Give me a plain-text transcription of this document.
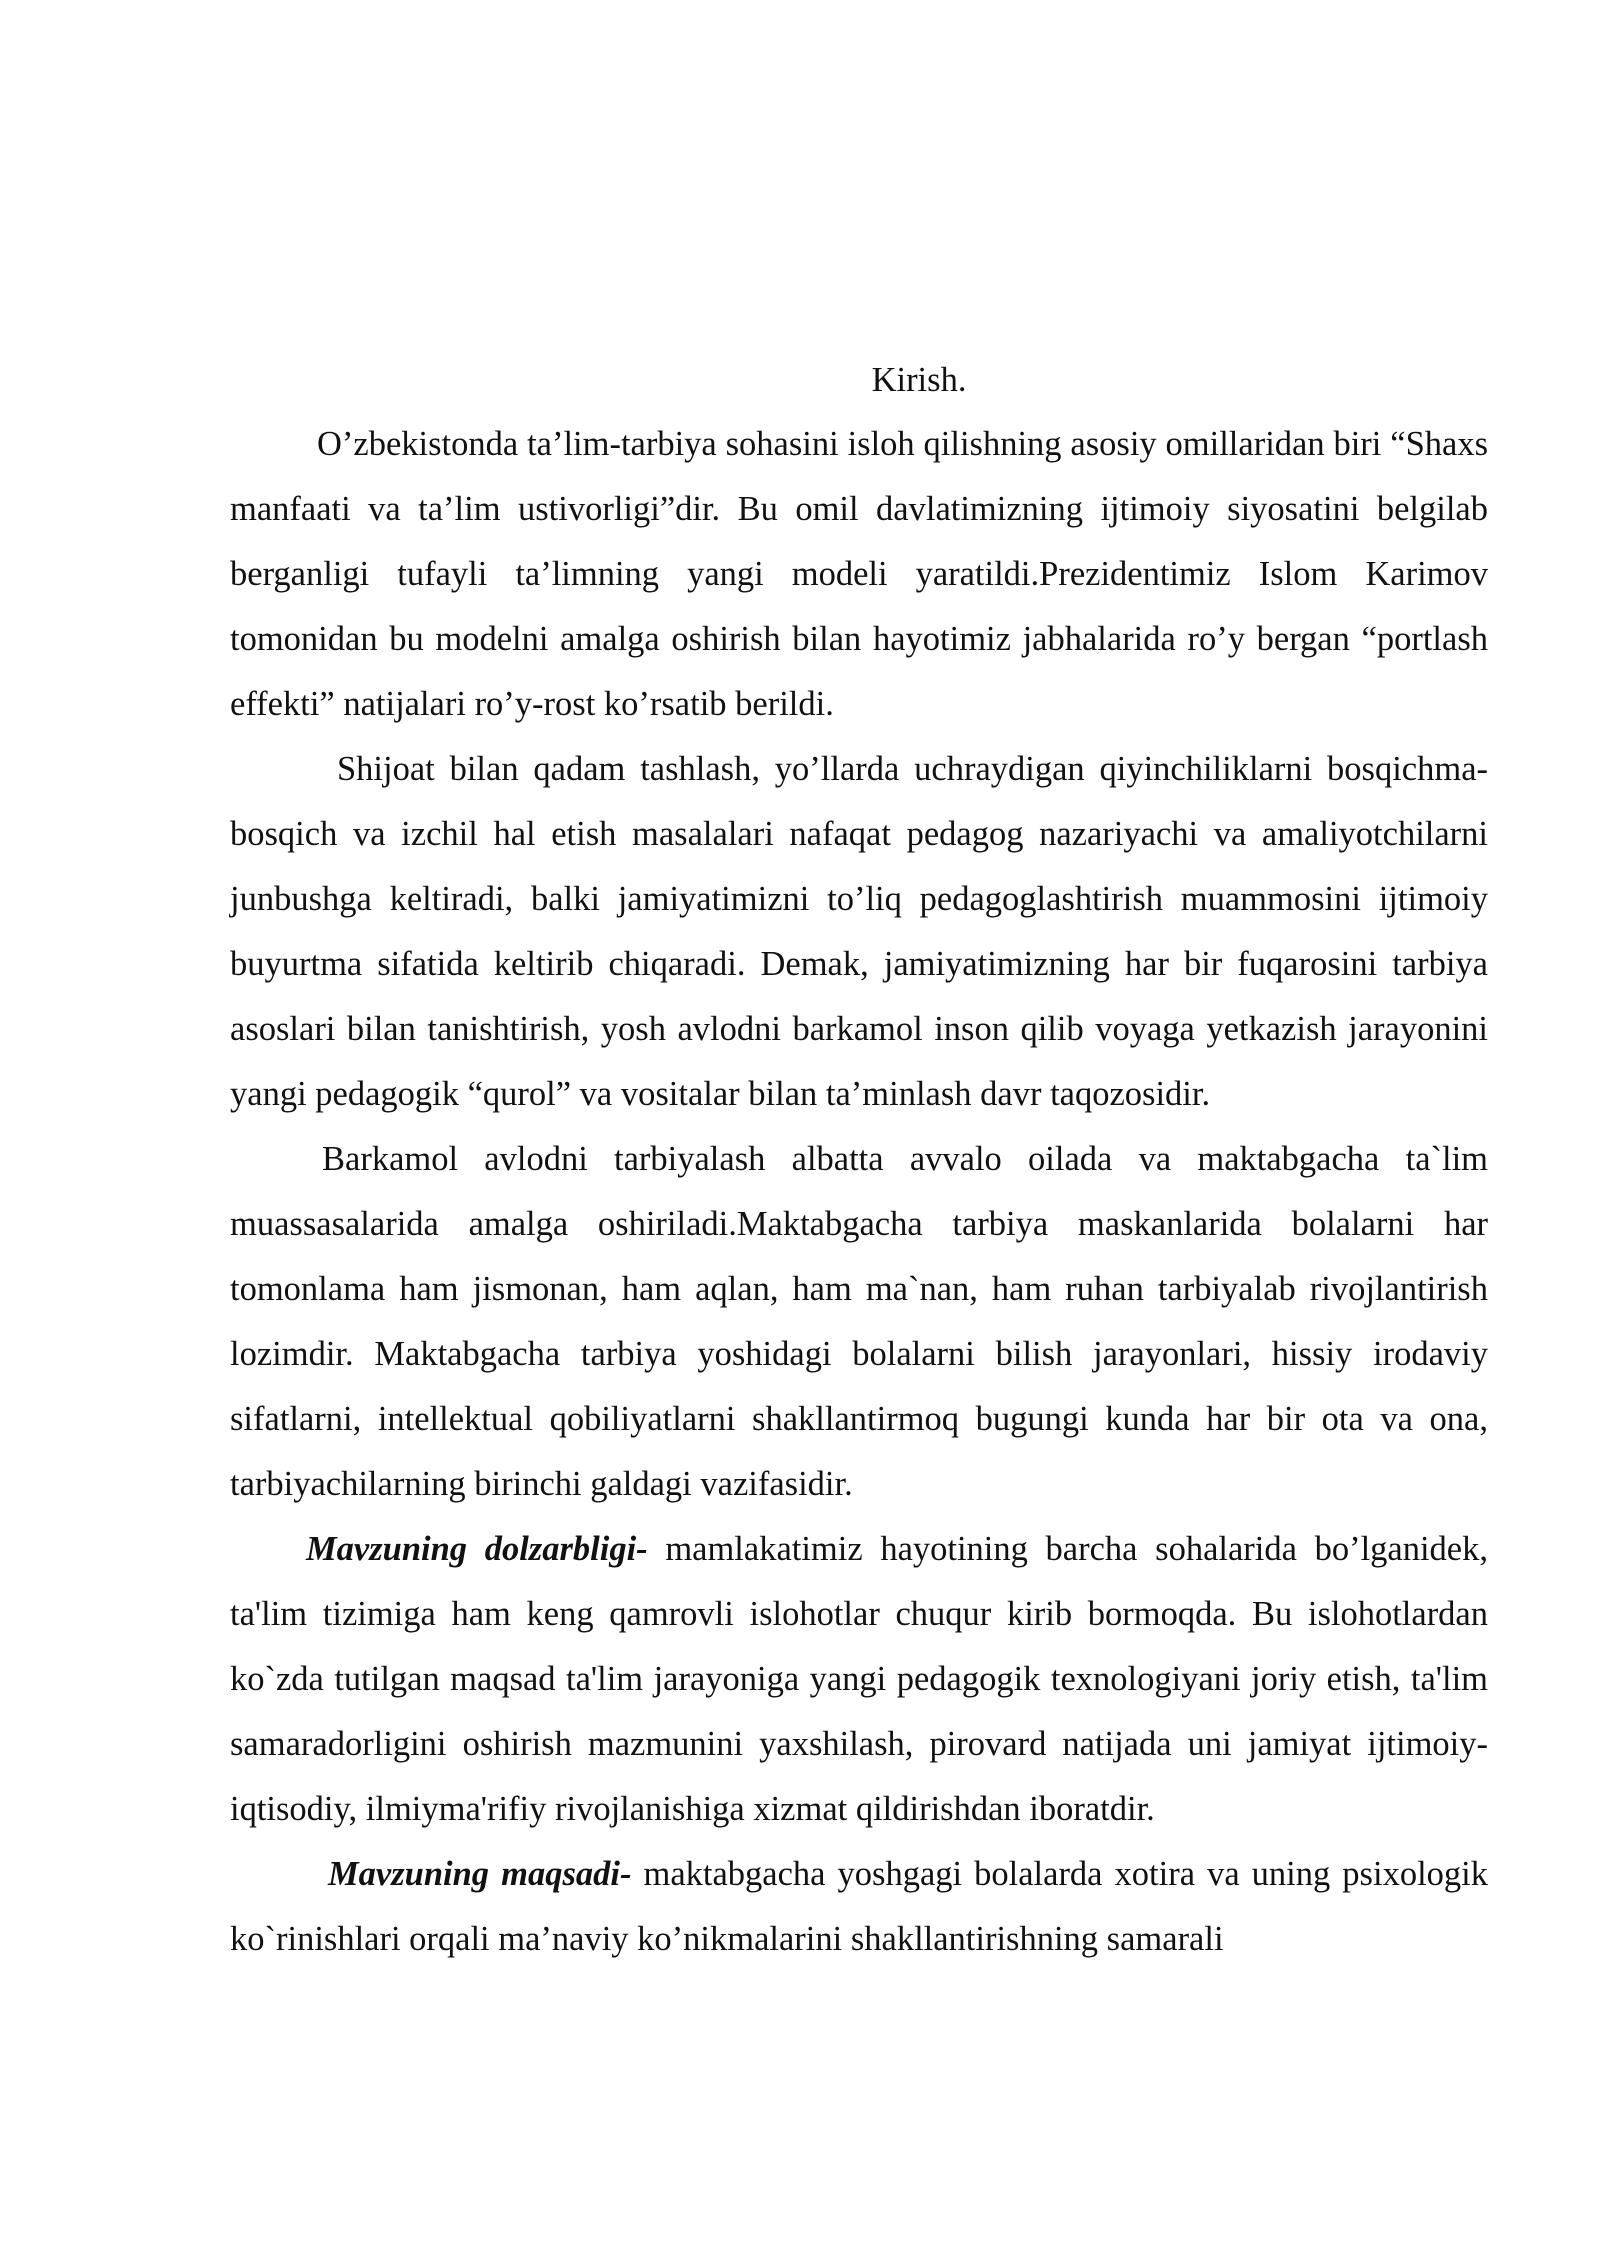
Kirish.

O’zbekistonda ta’lim-tarbiya sohasini isloh qilishning asosiy omillaridan biri “Shaxs manfaati va ta’lim ustivorligi”dir. Bu omil davlatimizning ijtimoiy siyosatini belgilab berganligi tufayli ta’limning yangi modeli yaratildi.Prezidentimiz Islom Karimov tomonidan bu modelni amalga oshirish bilan hayotimiz jabhalarida ro’y bergan “portlash effekti” natijalari ro’y-rost ko’rsatib berildi.

Shijoat bilan qadam tashlash, yo’llarda uchraydigan qiyinchiliklarni bosqichma-bosqich va izchil hal etish masalalari nafaqat pedagog nazariyachi va amaliyotchilarni junbushga keltiradi, balki jamiyatimizni to’liq pedagoglashtirish muammosini ijtimoiy buyurtma sifatida keltirib chiqaradi. Demak, jamiyatimizning har bir fuqarosini tarbiya asoslari bilan tanishtirish, yosh avlodni barkamol inson qilib voyaga yetkazish jarayonini yangi pedagogik “qurol” va vositalar bilan ta’minlash davr taqozosidir.

Barkamol avlodni tarbiyalash albatta avvalo oilada va maktabgacha ta`lim muassasalarida amalga oshiriladi.Maktabgacha tarbiya maskanlarida bolalarni har tomonlama ham jismonan, ham aqlan, ham ma`nan, ham ruhan tarbiyalab rivojlantirish lozimdir. Maktabgacha tarbiya yoshidagi bolalarni bilish jarayonlari, hissiy irodaviy sifatlarni, intellektual qobiliyatlarni shakllantirmoq bugungi kunda har bir ota va ona, tarbiyachilarning birinchi galdagi vazifasidir.

Mavzuning dolzarbligi- mamlakatimiz hayotining barcha sohalarida bo’lganidek, ta'lim tizimiga ham keng qamrovli islohotlar chuqur kirib bormoqda. Bu islohotlardan ko`zda tutilgan maqsad ta'lim jarayoniga yangi pedagogik texnologiyani joriy etish, ta'lim samaradorligini oshirish mazmunini yaxshilash, pirovard natijada uni jamiyat ijtimoiy-iqtisodiy, ilmiyma'rifiy rivojlanishiga xizmat qildirishdan iboratdir.

Mavzuning maqsadi- maktabgacha yoshgagi bolalarda xotira va uning psixologik ko`rinishlari orqali ma’naviy ko’nikmalarini shakllantirishning samarali
